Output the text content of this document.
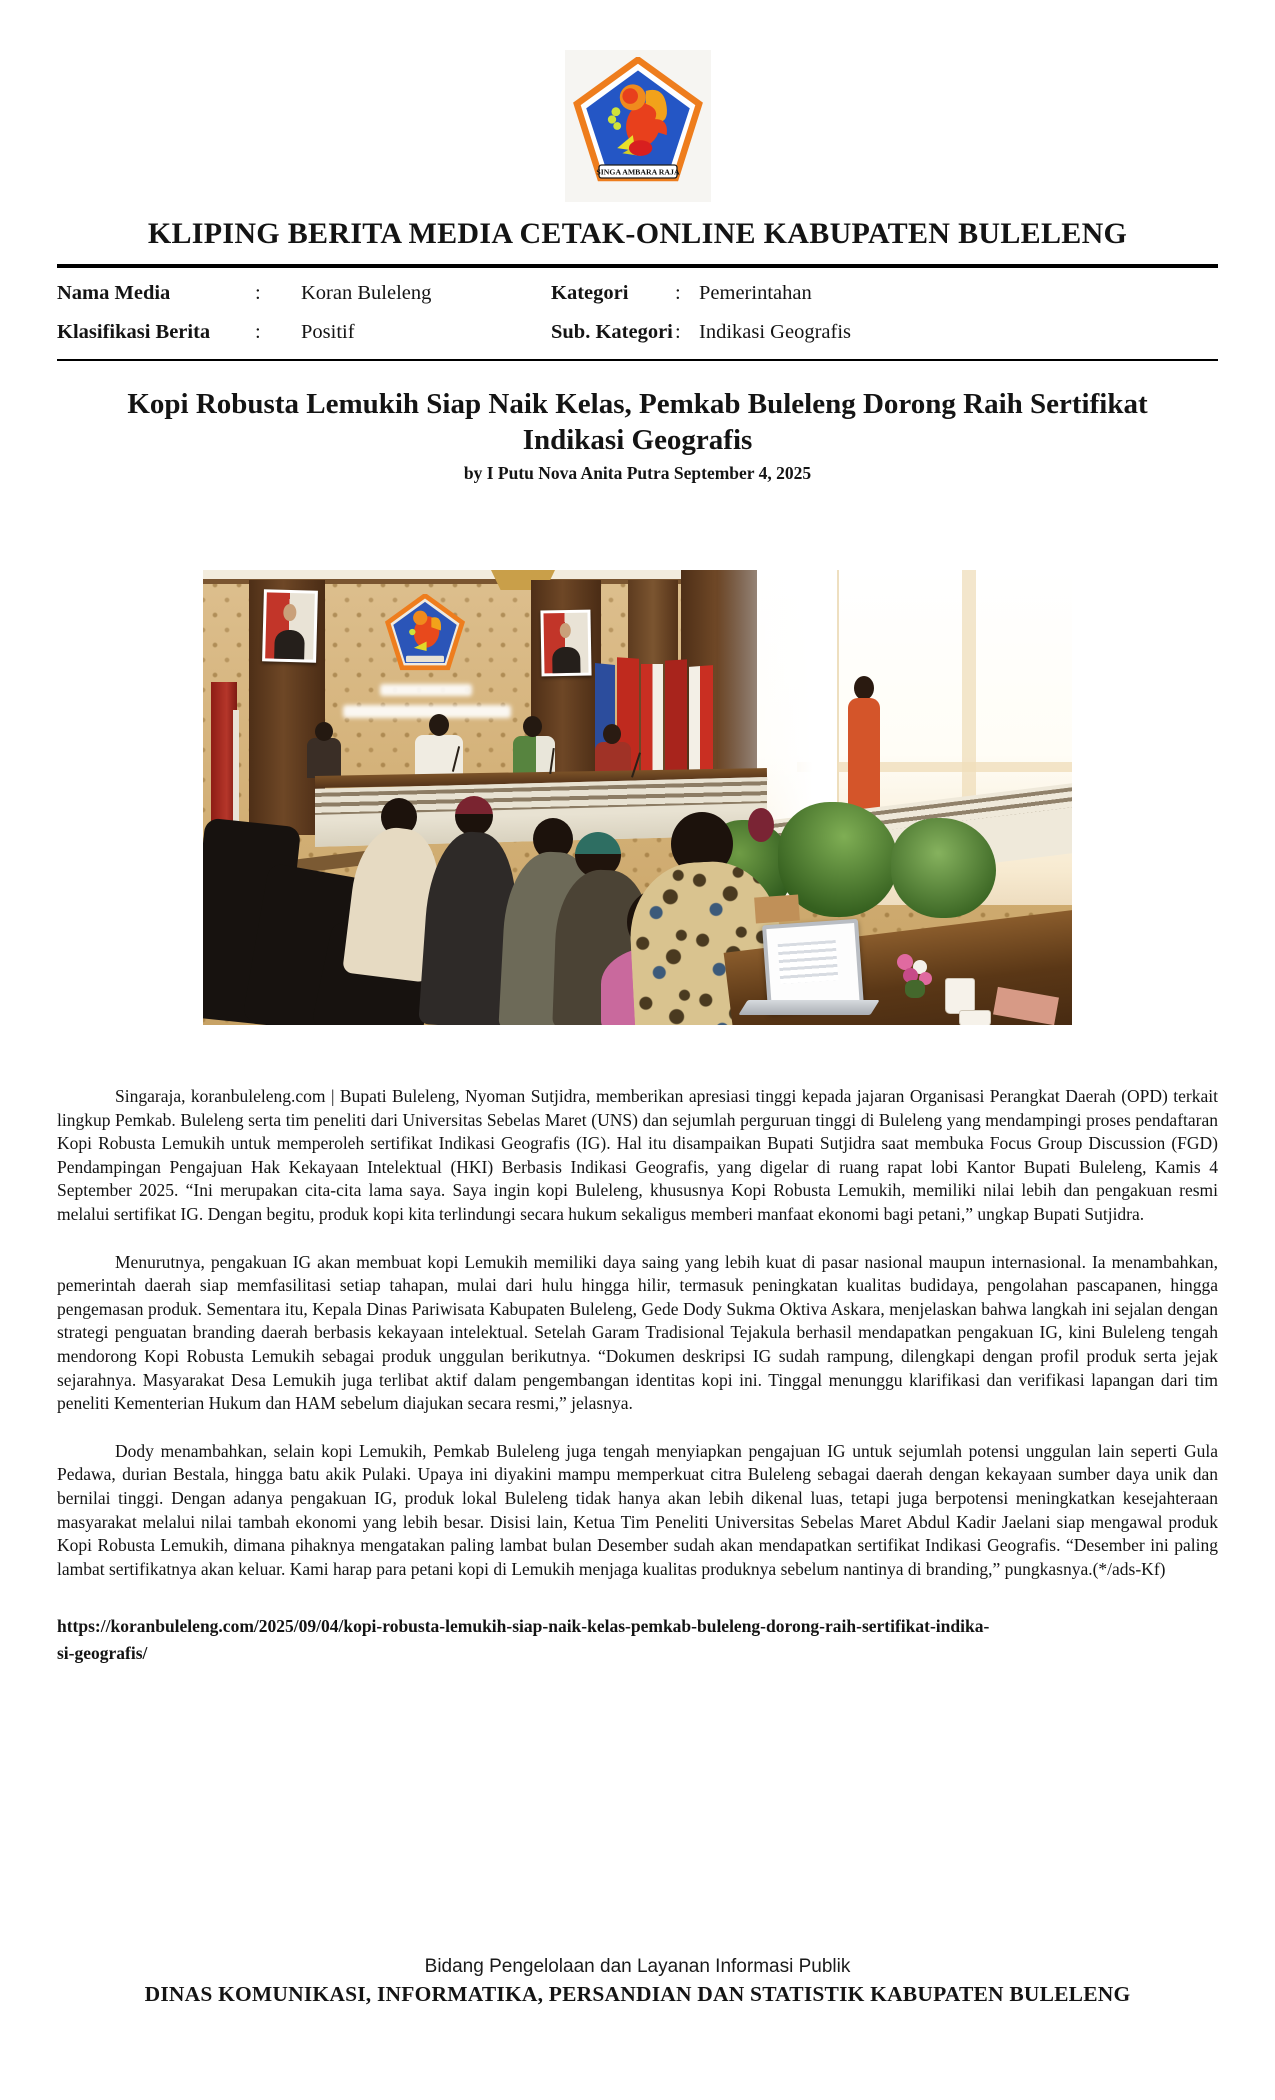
SINGA AMBARA RAJA
KLIPING BERITA MEDIA CETAK-ONLINE KABUPATEN BULELENG
Nama Media	:	Koran Buleleng	Kategori	: Pemerintahan
Klasifikasi Berita	:	Positif	Sub. Kategori : Indikasi Geografis
Kopi Robusta Lemukih Siap Naik Kelas, Pemkab Buleleng Dorong Raih Sertifikat Indikasi Geografis
by I Putu Nova Anita Putra September 4, 2025

Singaraja, koranbuleleng.com | Bupati Buleleng, Nyoman Sutjidra, memberikan apresiasi tinggi kepada jajaran Organisasi Perangkat Daerah (OPD) terkait lingkup Pemkab. Buleleng serta tim peneliti dari Universitas Sebelas Maret (UNS) dan sejumlah perguruan tinggi di Buleleng yang mendampingi proses pendaftaran Kopi Robusta Lemukih untuk memperoleh sertifikat Indikasi Geografis (IG). Hal itu disampaikan Bupati Sutjidra saat membuka Focus Group Discussion (FGD) Pendampingan Pengajuan Hak Kekayaan Intelektual (HKI) Berbasis Indikasi Geografis, yang digelar di ruang rapat lobi Kantor Bupati Buleleng, Kamis 4 September 2025. “Ini merupakan cita-cita lama saya. Saya ingin kopi Buleleng, khususnya Kopi Robusta Lemukih, memiliki nilai lebih dan pengakuan resmi melalui sertifikat IG. Dengan begitu, produk kopi kita terlindungi secara hukum sekaligus memberi manfaat ekonomi bagi petani,” ungkap Bupati Sutjidra.

Menurutnya, pengakuan IG akan membuat kopi Lemukih memiliki daya saing yang lebih kuat di pasar nasional maupun internasional. Ia menambahkan, pemerintah daerah siap memfasilitasi setiap tahapan, mulai dari hulu hingga hilir, termasuk peningkatan kualitas budidaya, pengolahan pascapanen, hingga pengemasan produk. Sementara itu, Kepala Dinas Pariwisata Kabupaten Buleleng, Gede Dody Sukma Oktiva Askara, menjelaskan bahwa langkah ini sejalan dengan strategi penguatan branding daerah berbasis kekayaan intelektual. Setelah Garam Tradisional Tejakula berhasil mendapatkan pengakuan IG, kini Buleleng tengah mendorong Kopi Robusta Lemukih sebagai produk unggulan berikutnya. “Dokumen deskripsi IG sudah rampung, dilengkapi dengan profil produk serta jejak sejarahnya. Masyarakat Desa Lemukih juga terlibat aktif dalam pengembangan identitas kopi ini. Tinggal menunggu klarifikasi dan verifikasi lapangan dari tim peneliti Kementerian Hukum dan HAM sebelum diajukan secara resmi,” jelasnya.

Dody menambahkan, selain kopi Lemukih, Pemkab Buleleng juga tengah menyiapkan pengajuan IG untuk sejumlah potensi unggulan lain seperti Gula Pedawa, durian Bestala, hingga batu akik Pulaki. Upaya ini diyakini mampu memperkuat citra Buleleng sebagai daerah dengan kekayaan sumber daya unik dan bernilai tinggi. Dengan adanya pengakuan IG, produk lokal Buleleng tidak hanya akan lebih dikenal luas, tetapi juga berpotensi meningkatkan kesejahteraan masyarakat melalui nilai tambah ekonomi yang lebih besar. Disisi lain, Ketua Tim Peneliti Universitas Sebelas Maret Abdul Kadir Jaelani siap mengawal produk Kopi Robusta Lemukih, dimana pihaknya mengatakan paling lambat bulan Desember sudah akan mendapatkan sertifikat Indikasi Geografis. “Desember ini paling lambat sertifikatnya akan keluar. Kami harap para petani kopi di Lemukih menjaga kualitas produknya sebelum nantinya di branding,” pungkasnya.(*/ads-Kf)

https://koranbuleleng.com/2025/09/04/kopi-robusta-lemukih-siap-naik-kelas-pemkab-buleleng-dorong-raih-sertifikat-indika-
si-geografis/
Bidang Pengelolaan dan Layanan Informasi Publik
DINAS KOMUNIKASI, INFORMATIKA, PERSANDIAN DAN STATISTIK KABUPATEN BULELENG
